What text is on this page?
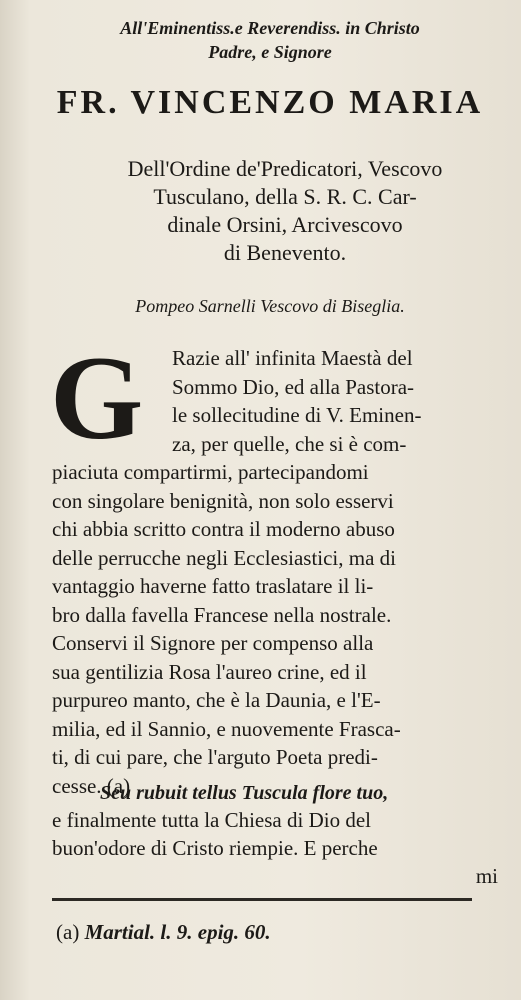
All'Eminentiss.e Reverendiss. in Christo
Padre, e Signore
FR. VINCENZO MARIA
Dell'Ordine de'Predicatori, Vescovo
Tusculano, della S. R. C. Car-
dinale Orsini, Arcivescovo
di Benevento.
Pompeo Sarnelli Vescovo di Biseglia.
G	Razie all' infinita Maestà del
Sommo Dio, ed alla Pastora-
le sollecitudine di V. Eminen-
za, per quelle, che si è com-
piaciuta compartirmi, partecipandomi
con singolare benignità, non solo esservi
chi abbia scritto contra il moderno abuso
delle perrucche negli Ecclesiastici, ma di
vantaggio haverne fatto traslatare il li-
bro dalla favella Francese nella nostrale.
Conservi il Signore per compenso alla
sua gentilizia Rosa l'aureo crine, ed il
purpureo manto, che è la Daunia, e l'E-
milia, ed il Sannio, e nuovemente Frasca-
ti, di cui pare, che l'arguto Poeta predi-
cesse. (a)
Seu rubuit tellus Tuscula flore tuo,
e finalmente tutta la Chiesa di Dio del
buon'odore di Cristo riempie. E perche
mi
(a) Martial. l. 9. epig. 60.
